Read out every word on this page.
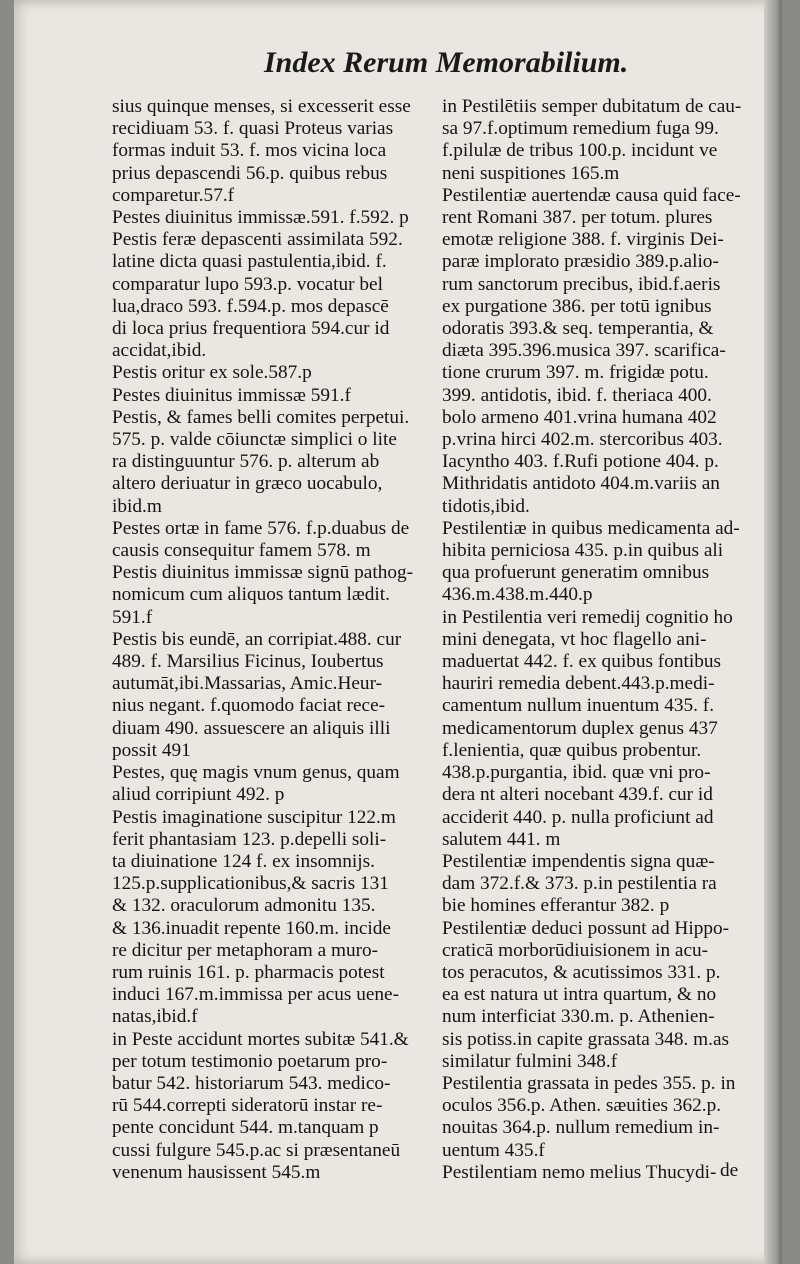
Index Rerum Memorabilium.
sius quinque menses, si excesserit esse
recidiuam 53. f. quasi Proteus varias
formas induit 53. f. mos vicina loca
prius depascendi 56.p. quibus rebus
comparetur.57.f
Pestes diuinitus immissæ.591. f.592. p
Pestis feræ depascenti assimilata 592.
latine dicta quasi pastulentia,ibid. f.
comparatur lupo 593.p. vocatur bel
lua,draco 593. f.594.p. mos depascē
di loca prius frequentiora 594.cur id
accidat,ibid.
Pestis oritur ex sole.587.p
Pestes diuinitus immissæ 591.f
Pestis, & fames belli comites perpetui.
575. p. valde cōiunctæ simplici o lite
ra distinguuntur 576. p. alterum ab
altero deriuatur in græco uocabulo,
ibid.m
Pestes ortæ in fame 576. f.p.duabus de
causis consequitur famem 578. m
Pestis diuinitus immissæ signū pathog-
nomicum cum aliquos tantum lædit.
591.f
Pestis bis eundē, an corripiat.488. cur
489. f. Marsilius Ficinus, Ioubertus
autumāt,ibi.Massarias, Amic.Heur-
nius negant. f.quomodo faciat rece-
diuam 490. assuescere an aliquis illi
possit 491
Pestes, quę magis vnum genus, quam
aliud corripiunt 492. p
Pestis imaginatione suscipitur 122.m
ferit phantasiam 123. p.depelli soli-
ta diuinatione 124 f. ex insomnijs.
125.p.supplicationibus,& sacris 131
& 132. oraculorum admonitu 135.
& 136.inuadit repente 160.m. incide
re dicitur per metaphoram a muro-
rum ruinis 161. p. pharmacis potest
induci 167.m.immissa per acus uene-
natas,ibid.f
in Peste accidunt mortes subitæ 541.&
per totum testimonio poetarum pro-
batur 542. historiarum 543. medico-
rū 544.correpti sideratorū instar re-
pente concidunt 544. m.tanquam p
cussi fulgure 545.p.ac si præsentaneū
venenum hausissent 545.m
in Pestilētiis semper dubitatum de cau-
sa 97.f.optimum remedium fuga 99.
f.pilulæ de tribus 100.p. incidunt ve
neni suspitiones 165.m
Pestilentiæ auertendæ causa quid face-
rent Romani 387. per totum. plures
emotæ religione 388. f. virginis Dei-
paræ implorato præsidio 389.p.alio-
rum sanctorum precibus, ibid.f.aeris
ex purgatione 386. per totū ignibus
odoratis 393.& seq. temperantia, &
diæta 395.396.musica 397. scarifica-
tione crurum 397. m. frigidæ potu.
399. antidotis, ibid. f. theriaca 400.
bolo armeno 401.vrina humana 402
p.vrina hirci 402.m. stercoribus 403.
Iacyntho 403. f.Rufi potione 404. p.
Mithridatis antidoto 404.m.variis an
tidotis,ibid.
Pestilentiæ in quibus medicamenta ad-
hibita perniciosa 435. p.in quibus ali
qua profuerunt generatim omnibus
436.m.438.m.440.p
in Pestilentia veri remedij cognitio ho
mini denegata, vt hoc flagello ani-
maduertat 442. f. ex quibus fontibus
hauriri remedia debent.443.p.medi-
camentum nullum inuentum 435. f.
medicamentorum duplex genus 437
f.lenientia, quæ quibus probentur.
438.p.purgantia, ibid. quæ vni pro-
dera nt alteri nocebant 439.f. cur id
acciderit 440. p. nulla proficiunt ad
salutem 441. m
Pestilentiæ impendentis signa quæ-
dam 372.f.& 373. p.in pestilentia ra
bie homines efferantur 382. p
Pestilentiæ deduci possunt ad Hippo-
craticā morborūdiuisionem in acu-
tos peracutos, & acutissimos 331. p.
ea est natura ut intra quartum, & no
num interficiat 330.m. p. Athenien-
sis potiss.in capite grassata 348. m.as
similatur fulmini 348.f
Pestilentia grassata in pedes 355. p. in
oculos 356.p. Athen. sæuities 362.p.
nouitas 364.p. nullum remedium in-
uentum 435.f
Pestilentiam nemo melius Thucydi- de
